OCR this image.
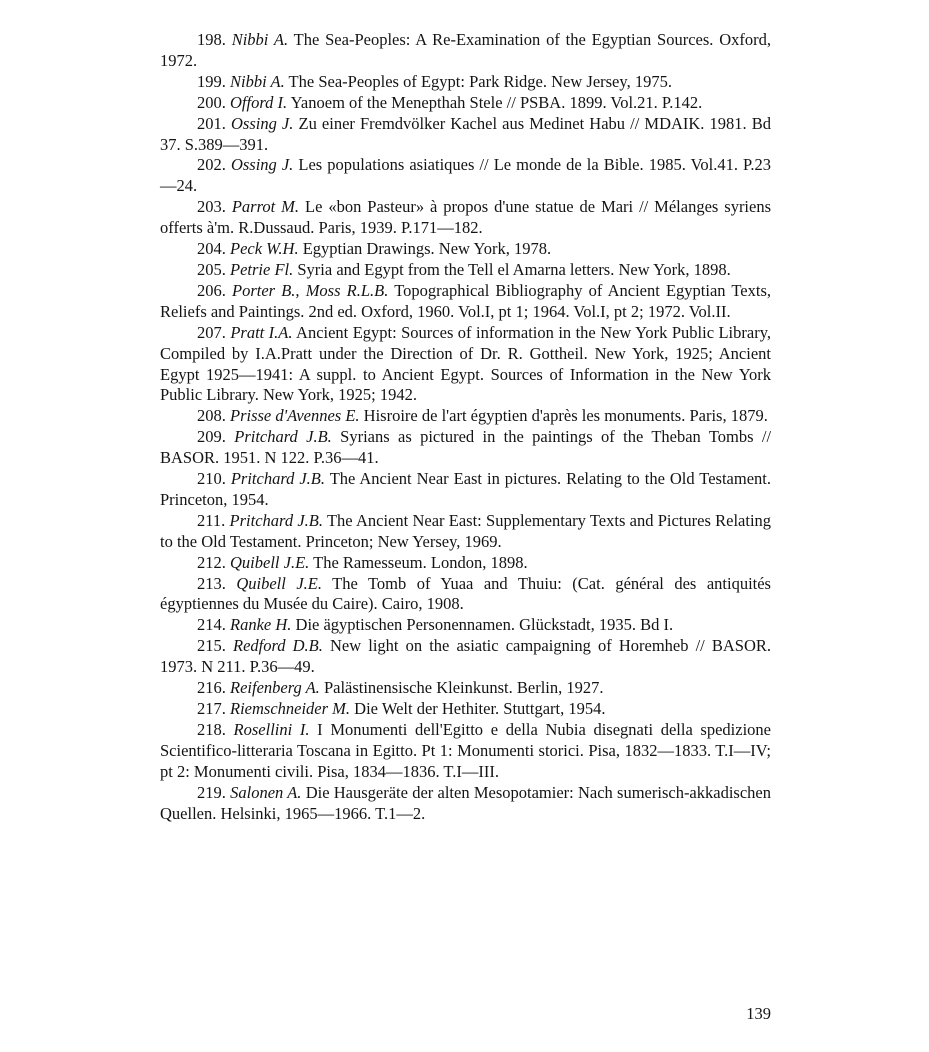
198. Nibbi A. The Sea-Peoples: A Re-Examination of the Egyptian Sources. Oxford, 1972.

199. Nibbi A. The Sea-Peoples of Egypt: Park Ridge. New Jersey, 1975.

200. Offord I. Yanoem of the Menepthah Stele // PSBA. 1899. Vol.21. P.142.

201. Ossing J. Zu einer Fremdvölker Kachel aus Medinet Habu // MDAIK. 1981. Bd 37. S.389—391.

202. Ossing J. Les populations asiatiques // Le monde de la Bible. 1985. Vol.41. P.23—24.

203. Parrot M. Le «bon Pasteur» à propos d'une statue de Mari // Mélanges syriens offerts à'm. R.Dussaud. Paris, 1939. P.171—182.

204. Peck W.H. Egyptian Drawings. New York, 1978.

205. Petrie Fl. Syria and Egypt from the Tell el Amarna letters. New York, 1898.

206. Porter B., Moss R.L.B. Topographical Bibliography of Ancient Egyptian Texts, Reliefs and Paintings. 2nd ed. Oxford, 1960. Vol.I, pt 1; 1964. Vol.I, pt 2; 1972. Vol.II.

207. Pratt I.A. Ancient Egypt: Sources of information in the New York Public Library, Compiled by I.A.Pratt under the Direction of Dr. R. Gottheil. New York, 1925; Ancient Egypt 1925—1941: A suppl. to Ancient Egypt. Sources of Information in the New York Public Library. New York, 1925; 1942.

208. Prisse d'Avennes E. Hisroire de l'art égyptien d'après les monuments. Paris, 1879.

209. Pritchard J.B. Syrians as pictured in the paintings of the Theban Tombs // BASOR. 1951. N 122. P.36—41.

210. Pritchard J.B. The Ancient Near East in pictures. Relating to the Old Testament. Princeton, 1954.

211. Pritchard J.B. The Ancient Near East: Supplementary Texts and Pictures Relating to the Old Testament. Princeton; New Yersey, 1969.

212. Quibell J.E. The Ramesseum. London, 1898.

213. Quibell J.E. The Tomb of Yuaa and Thuiu: (Cat. général des antiquités égyptiennes du Musée du Caire). Cairo, 1908.

214. Ranke H. Die ägyptischen Personennamen. Glückstadt, 1935. Bd I.

215. Redford D.B. New light on the asiatic campaigning of Horemheb // BASOR. 1973. N 211. P.36—49.

216. Reifenberg A. Palästinensische Kleinkunst. Berlin, 1927.

217. Riemschneider M. Die Welt der Hethiter. Stuttgart, 1954.

218. Rosellini I. I Monumenti dell'Egitto e della Nubia disegnati della spedizione Scientifico-litteraria Toscana in Egitto. Pt 1: Monumenti storici. Pisa, 1832—1833. T.I—IV; pt 2: Monumenti civili. Pisa, 1834—1836. T.I—III.

219. Salonen A. Die Hausgeräte der alten Mesopotamier: Nach sumerisch-akkadischen Quellen. Helsinki, 1965—1966. T.1—2.

139
